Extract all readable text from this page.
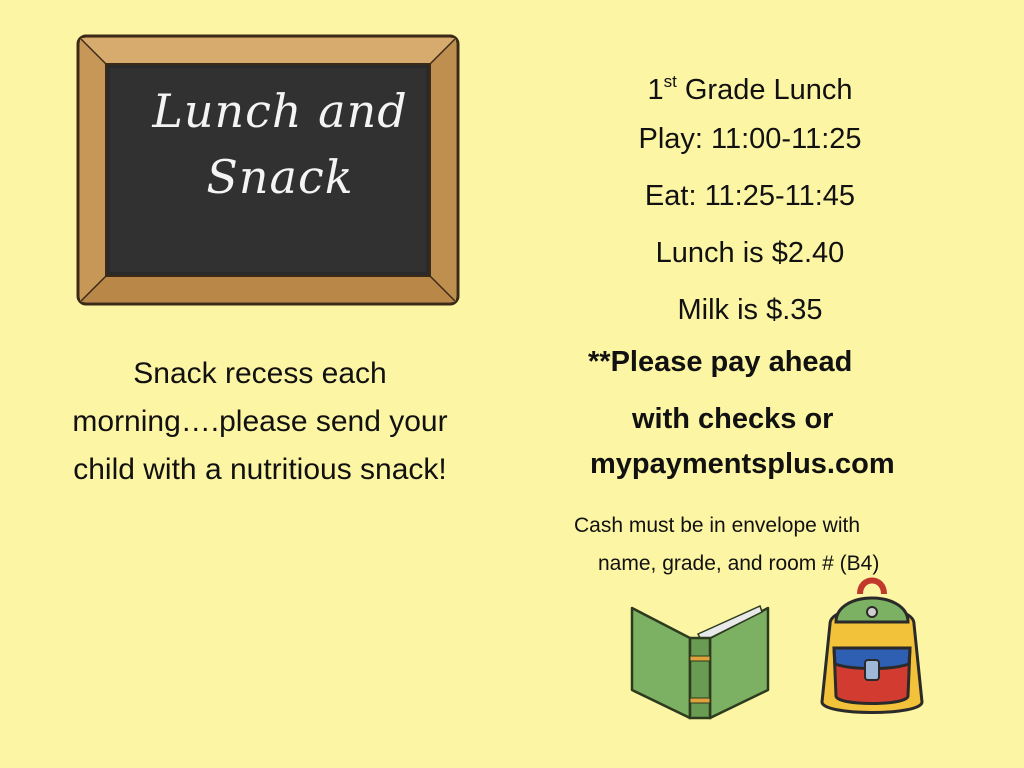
Lunch and
Snack
Snack recess each morning….please send your child with a nutritious snack!
1st Grade Lunch
Play: 11:00-11:25
Eat: 11:25-11:45
Lunch is $2.40
Milk is $.35
**Please pay ahead
with checks or
mypaymentsplus.com
Cash must be in envelope with
name, grade, and room # (B4)
